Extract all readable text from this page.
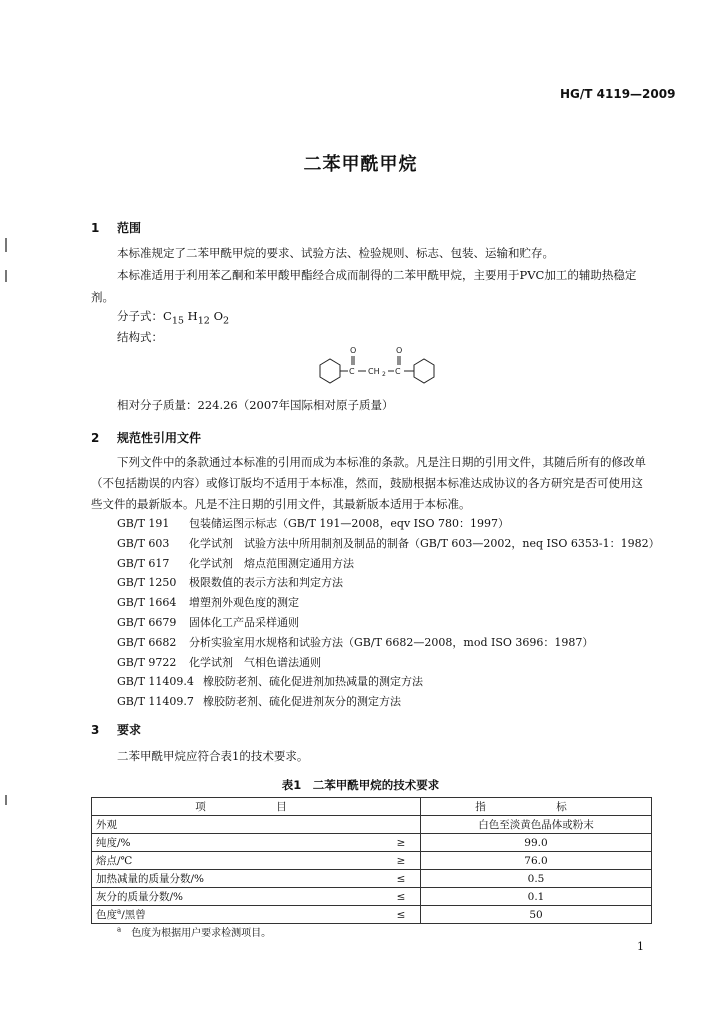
HG/T 4119—2009
二苯甲酰甲烷
1 范围
本标准规定了二苯甲酰甲烷的要求、试验方法、检验规则、标志、包装、运输和贮存。
本标准适用于利用苯乙酮和苯甲酸甲酯经合成而制得的二苯甲酰甲烷，主要用于PVC加工的辅助热稳定剂。
分子式：$C_{15}$ $H_{12}$ $O_2$
结构式：
O	O
C CH 2 C
相对分子质量：224.26（2007年国际相对原子质量）
2 规范性引用文件
下列文件中的条款通过本标准的引用而成为本标准的条款。凡是注日期的引用文件，其随后所有的修改单（不包括勘误的内容）或修订版均不适用于本标准，然而，鼓励根据本标准达成协议的各方研究是否可使用这些文件的最新版本。凡是不注日期的引用文件，其最新版本适用于本标准。
GB/T 191 包装储运图示标志（GB/T 191—2008，eqv ISO 780：1997）
GB/T 603 化学试剂　试验方法中所用制剂及制品的制备（GB/T 603—2002，neq ISO 6353-1：1982）
GB/T 617 化学试剂　熔点范围测定通用方法
GB/T 1250 极限数值的表示方法和判定方法
GB/T 1664 增塑剂外观色度的测定
GB/T 6679 固体化工产品采样通则
GB/T 6682 分析实验室用水规格和试验方法（GB/T 6682—2008，mod ISO 3696：1987）
GB/T 9722 化学试剂　气相色谱法通则
GB/T 11409.4 橡胶防老剂、硫化促进剂加热减量的测定方法
GB/T 11409.7 橡胶防老剂、硫化促进剂灰分的测定方法
3 要求
二苯甲酰甲烷应符合表1的技术要求。
表1　二苯甲酰甲烷的技术要求
项　目		指　标
外观		白色至淡黄色晶体或粉末
纯度/%	≥	99.0
熔点/℃	≥	76.0
加热减量的质量分数/%	≤	0.5
灰分的质量分数/%	≤	0.1
色度$^a$/黑曾	≤	50
$^a$　 色度为根据用户要求检测项目。
1
